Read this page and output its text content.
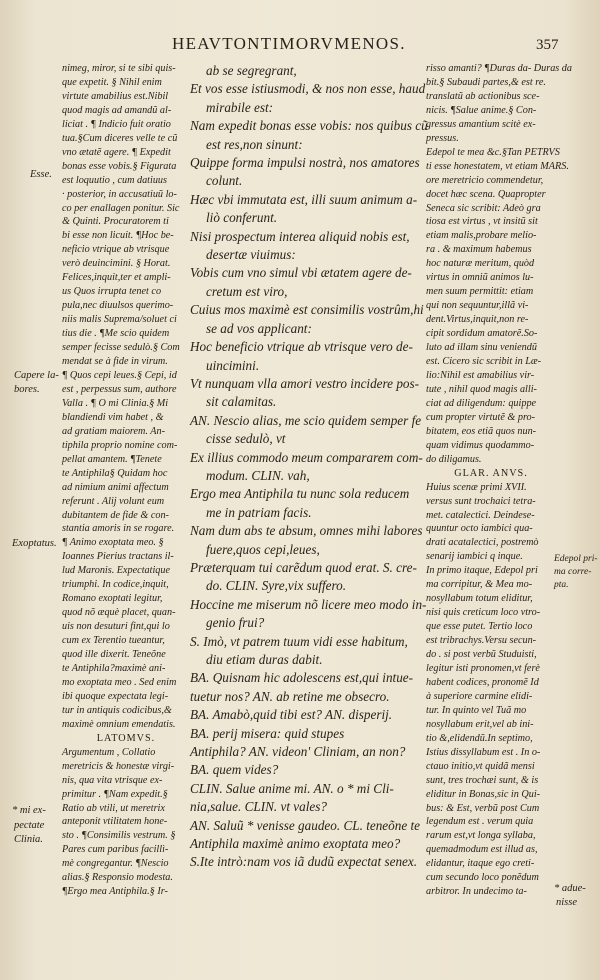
HEAVTONTIMORVMENOS.	357
nimeg, miror, si te sibi quis-
que expetit. § Nihil enim
virtute amabilius est.Nibil
quod magis ad amandũ al-
liciat . ¶ Indicio fuit oratio
tua.§Cum diceres velle te cũ
vno ætatẽ agere. ¶ Expedit
bonas esse vobis.§ Figurata
est loquutio , cum datiuus
· posterior, in accusatiuũ lo-
co per enallagen ponitur. Sic
& Quinti. Procuratorem ti
bi esse non licuit. ¶Hoc be-
neficio vtrique ab vtrisque
verò deuincimini. § Horat.
Felices,inquit,ter et ampli-
us Quos irrupta tenet co
pula,nec diuulsos querimo-
niis malis Suprema/soluet ci
tius die . ¶Me scio quidem
semper fecisse sedulò.§ Com
mendat se à fide in virum.
¶ Quos cepi leues.§ Cepi, id
est , perpessus sum, authore
Valla . ¶ O mi Clinia.§ Mi
blandiendi vim habet , &
ad gratiam maiorem. An-
tiphila proprio nomine com-
pellat amantem. ¶Tenete
te Antiphila§ Quidam hoc
ad nimium animi affectum
referunt . Alij volunt eum
dubitantem de fide & con-
stantia amoris in se rogare.
¶ Animo exoptata meo. §
Ioannes Pierius tractans il-
lud Maronis. Expectatique
triumphi. In codice,inquit,
Romano exoptati legitur,
quod nõ æquè placet, quan-
uis non desuturi fint,qui lo
cum ex Terentio tueantur,
quod ille dixerit. Teneõne
te Antiphila?maximè ani-
mo exoptata meo . Sed enim
ibi quoque expectata legi-
tur in antiquis codicibus,&
maximè omnium emendatis.
LATOMVS.
Argumentum , Collatio
meretricis & honestæ virgi-
nis, qua vita vtrisque ex-
primitur . ¶Nam expedit.§
Ratio ab vtili, ut meretrix
anteponit vtilitatem hone-
sto . ¶Consimilis vestrum. §
Pares cum paribus facillì-
mè congregantur. ¶Nescio
alias.§ Responsio modesta.
¶Ergo mea Antiphila.§ Ir-
ab se segregrant,
Et vos esse istiusmodi, & nos non esse, haud
mirabile est:
Nam expedit bonas esse vobis: nos quibus cũ
est res,non sinunt:
Quippe forma impulsi nostrà, nos amatores
colunt.
Hæc vbi immutata est, illi suum animum a-
liò conferunt.
Nisi prospectum interea aliquid nobis est,
desertæ viuimus:
Vobis cum vno simul vbi ætatem agere de-
cretum est viro,
Cuius mos maximè est consimilis vostrûm,hi
se ad vos applicant:
Hoc beneficio vtrique ab vtrisque vero de-
uincimini.
Vt nunquam vlla amori vestro incidere pos-
sit calamitas.
AN. Nescio alias, me scio quidem semper fe
cisse sedulò, vt
Ex illius commodo meum compararem com-
modum. CLIN. vah,
Ergo mea Antiphila tu nunc sola reducem
me in patriam facis.
Nam dum abs te absum, omnes mihi labores
fuere,quos cepi,leues,
Præterquam tui carẽdum quod erat. S. cre-
do. CLIN. Syre,vix suffero.
Hoccine me miserum nõ licere meo modo in-
genio frui?
S. Imò, vt patrem tuum vidi esse habitum,
diu etiam duras dabit.
BA. Quisnam hic adolescens est,qui intue-
tuetur nos? AN. ab retine me obsecro.
BA. Amabò,quid tibi est? AN. disperij.
BA. perij misera: quid stupes
Antiphila? AN. videon' Cliniam, an non?
BA. quem vides?
CLIN. Salue anime mi. AN. o * mi Cli-
nia,salue. CLIN. vt vales?
AN. Saluũ * venisse gaudeo. CL. teneõne te
Antiphila maximè animo exoptata meo?
S.Ite intrò:nam vos iã dudũ expectat senex.
risso amanti? ¶Duras da- Duras da
bit.§ Subaudi partes,& est re.
translatũ ab actionibus sce-
nicis. ¶Salue anime.§ Con-
gressus amantium scitè ex-
pressus.
Edepol te mea &c.§Tan PETRVS
ti esse honestatem, vt etiam MARS.
ore meretricio commendetur,
docet hæc scena. Quapropter
Seneca sic scribit: Adeò gra
tiosa est virtus , vt insitũ sit
etiam malis,probare melio-
ra . & maximum habemus
hoc naturæ meritum, quòd
virtus in omniũ animos lu-
men suum permittit: etiam
qui non sequuntur,illã vi-
dent.Virtus,inquit,non re-
cipit sordidum amatorẽ.So-
luto ad illam sinu veniendũ
est. Cicero sic scribit in Læ-
lio:Nihil est amabilius vir-
tute , nihil quod magis alli-
ciat ad diligendum: quippe
cum propter virtutẽ & pro-
bitatem, eos etiã quos nun-
quam vidimus quodammo-
do diligamus.
GLAR. ANVS.
Huius scenæ primi XVII.
versus sunt trochaici tetra-
met. catalectici. Deindese-
quuntur octo iambici qua-
drati acatalectici, postremò
senarij iambici q inque.
In primo itaque, Edepol pri
ma corripitur, & Mea mo-
nosyllabum totum eliditur,
nisi quis creticum loco vtro-
que esse putet. Tertio loco
est tribrachys.Versu secun-
do . si post verbũ Studuisti,
legitur isti pronomen,vt ferè
habent codices, pronomẽ Id
à superiore carmine elidi-
tur. In quinto vel Tuã mo
nosyllabum erit,vel ab ini-
tio &,elidendũ.In septimo,
Istius dissyllabum est . In o-
ctauo initio,vt quidã mensi
sunt, tres trochæi sunt, & is
eliditur in Bonas,sic in Qui-
bus: & Est, verbũ post Cum
legendum est . verum quia
rarum est,vt longa syllaba,
quemadmodum est illud as,
elidantur, itaque ego creti-
cum secundo loco ponẽdum
arbitror. In undecimo ta-
Esse.
Capere la-
bores.
Exoptatus.
* mi ex-
pectate
Clinia.
Edepol pri-
ma corre-
pta.
* adue-
nisse
